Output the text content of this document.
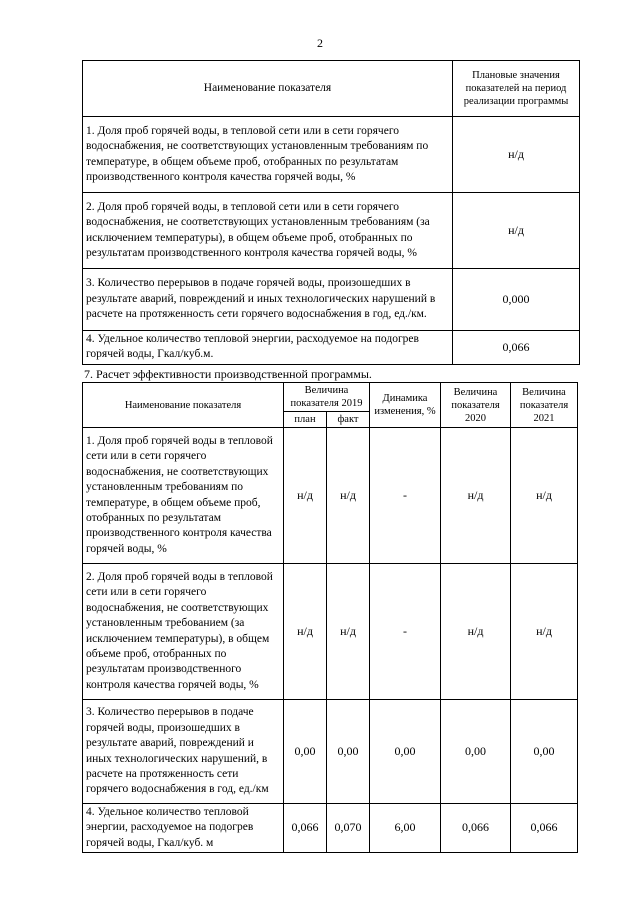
2
Наименование показателя	Плановые значения показателей на период реализации программы
1. Доля проб горячей воды, в тепловой сети или в сети горячего водоснабжения, не соответствующих установленным требованиям по температуре, в общем объеме проб, отобранных по результатам производственного контроля качества горячей воды, %	н/д
2. Доля проб горячей воды, в тепловой сети или в сети горячего водоснабжения, не соответствующих установленным требованиям (за исключением температуры), в общем объеме проб, отобранных по результатам производственного контроля качества горячей воды, %	н/д
3. Количество перерывов в подаче горячей воды, произошедших в результате аварий, повреждений и иных технологических нарушений в расчете на протяженность сети горячего водоснабжения в год, ед./км.	0,000
4. Удельное количество тепловой энергии, расходуемое на подогрев горячей воды, Гкал/куб.м.	0,066
7. Расчет эффективности производственной программы.
Наименование показателя	Величина показателя 2019		Динамика изменения, %	Величина показателя 2020	Величина показателя 2021
	план	факт			
1. Доля проб горячей воды в тепловой сети или в сети горячего водоснабжения, не соответствующих установленным требованиям по температуре, в общем объеме проб, отобранных по результатам производственного контроля качества горячей воды, %	н/д	н/д	-	н/д	н/д
2. Доля проб горячей воды в тепловой сети или в сети горячего водоснабжения, не соответствующих установленным требованием (за исключением температуры), в общем объеме проб, отобранных по результатам производственного контроля качества горячей воды, %	н/д	н/д	-	н/д	н/д
3. Количество перерывов в подаче горячей воды, произошедших в результате аварий, повреждений и иных технологических нарушений, в расчете на протяженность сети горячего водоснабжения в год, ед./км	0,00	0,00	0,00	0,00	0,00
4. Удельное количество тепловой энергии, расходуемое на подогрев горячей воды, Гкал/куб. м	0,066	0,070	6,00	0,066	0,066
